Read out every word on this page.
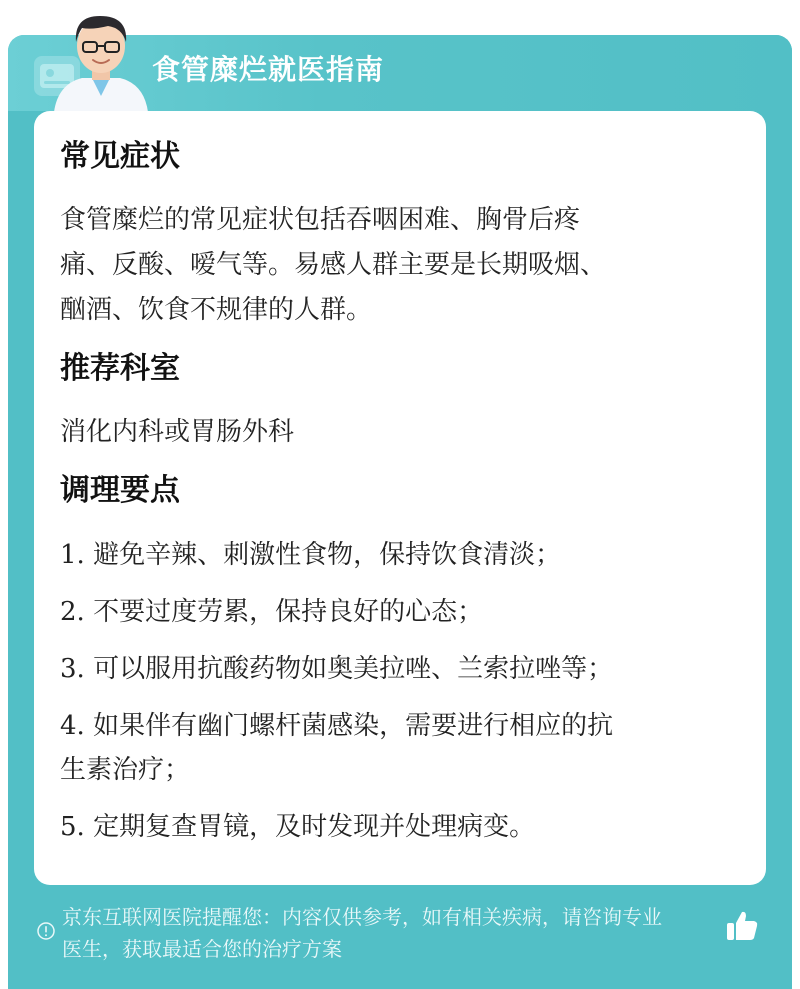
食管糜烂就医指南
常见症状
食管糜烂的常见症状包括吞咽困难、胸骨后疼
痛、反酸、嗳气等。易感人群主要是长期吸烟、
酗酒、饮食不规律的人群。
推荐科室
消化内科或胃肠外科
调理要点
1. 避免辛辣、刺激性食物，保持饮食清淡；
2. 不要过度劳累，保持良好的心态；
3. 可以服用抗酸药物如奥美拉唑、兰索拉唑等；
4. 如果伴有幽门螺杆菌感染，需要进行相应的抗
生素治疗；
5. 定期复查胃镜，及时发现并处理病变。
京东互联网医院提醒您：内容仅供参考，如有相关疾病，请咨询专业
医生，获取最适合您的治疗方案
